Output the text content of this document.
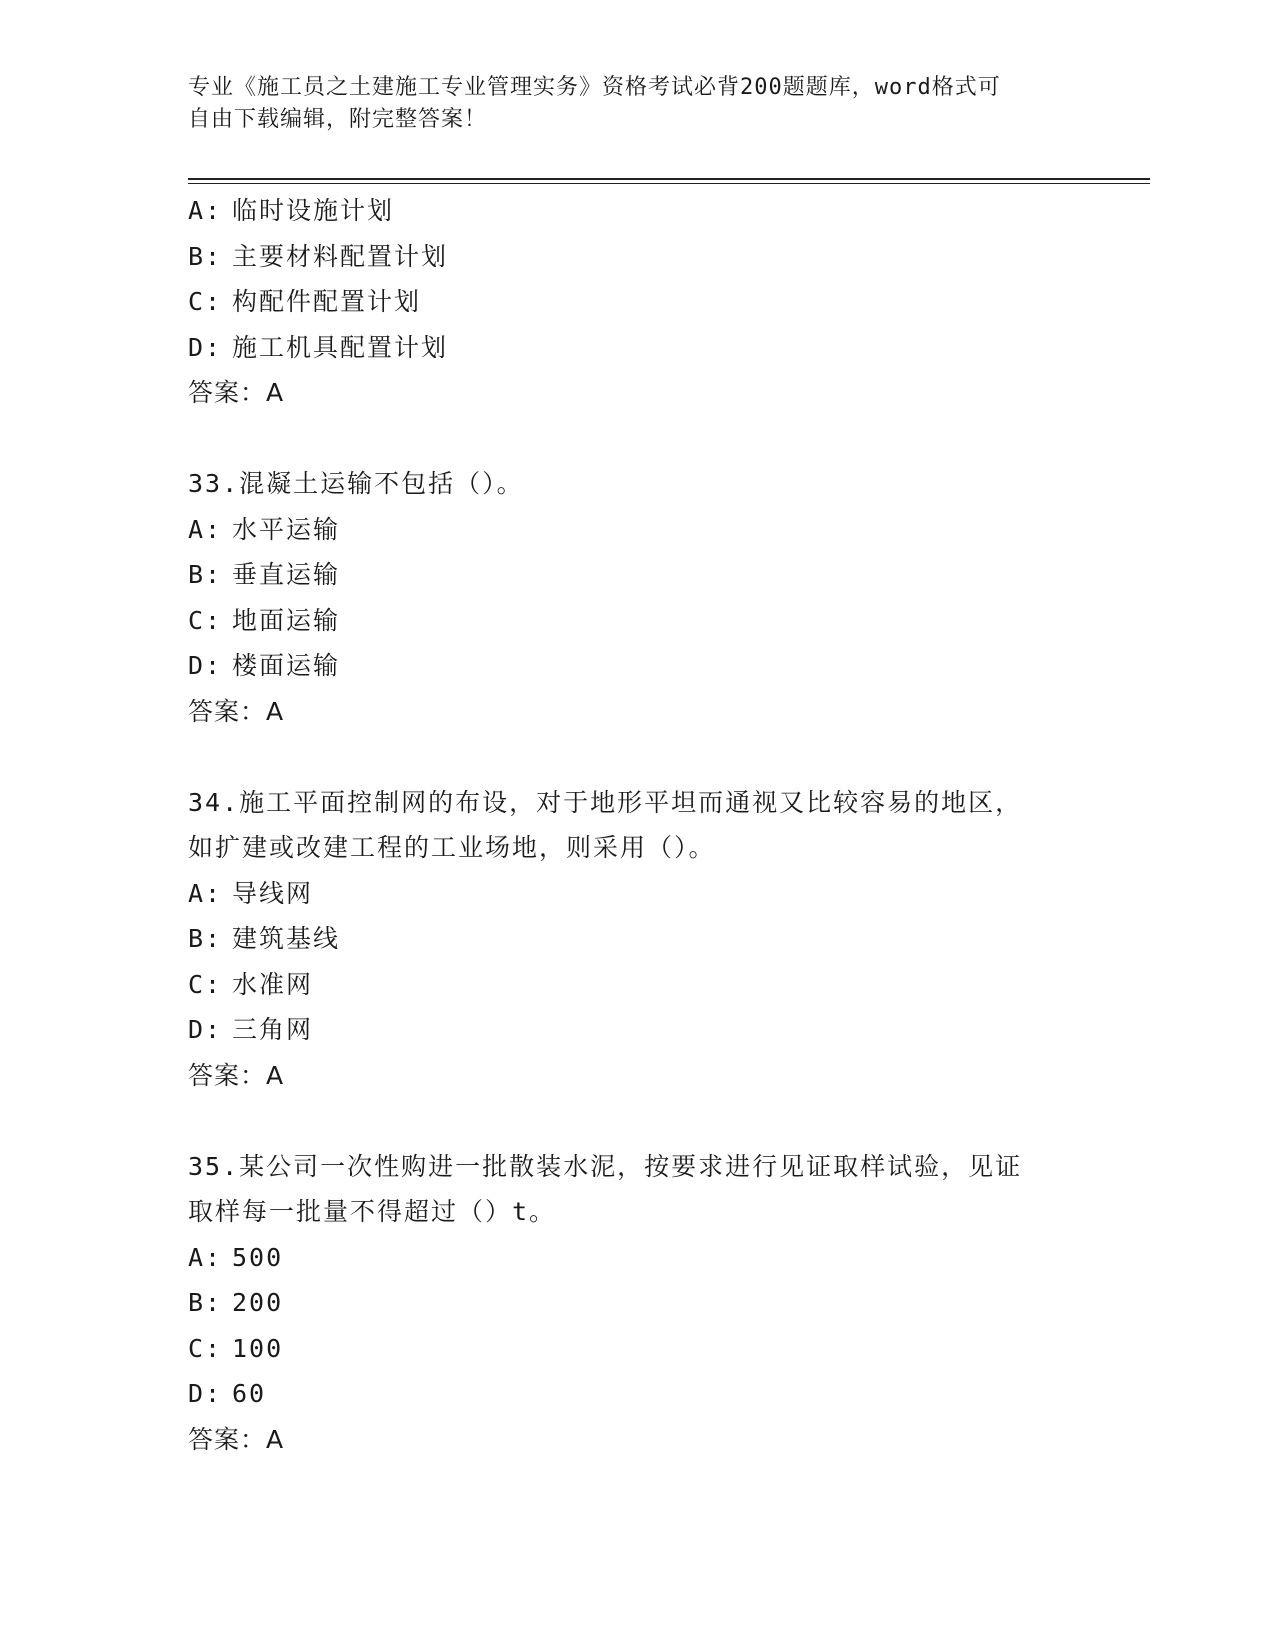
专业《施工员之土建施工专业管理实务》资格考试必背200题题库，word格式可
自由下载编辑，附完整答案！
A: 临时设施计划
B: 主要材料配置计划
C: 构配件配置计划
D: 施工机具配置计划
答案：A
33.混凝土运输不包括（）。
A: 水平运输
B: 垂直运输
C: 地面运输
D: 楼面运输
答案：A
34.施工平面控制网的布设，对于地形平坦而通视又比较容易的地区，
如扩建或改建工程的工业场地，则采用（）。
A: 导线网
B: 建筑基线
C: 水准网
D: 三角网
答案：A
35.某公司一次性购进一批散装水泥，按要求进行见证取样试验，见证
取样每一批量不得超过（）t。
A: 500
B: 200
C: 100
D: 60
答案：A
